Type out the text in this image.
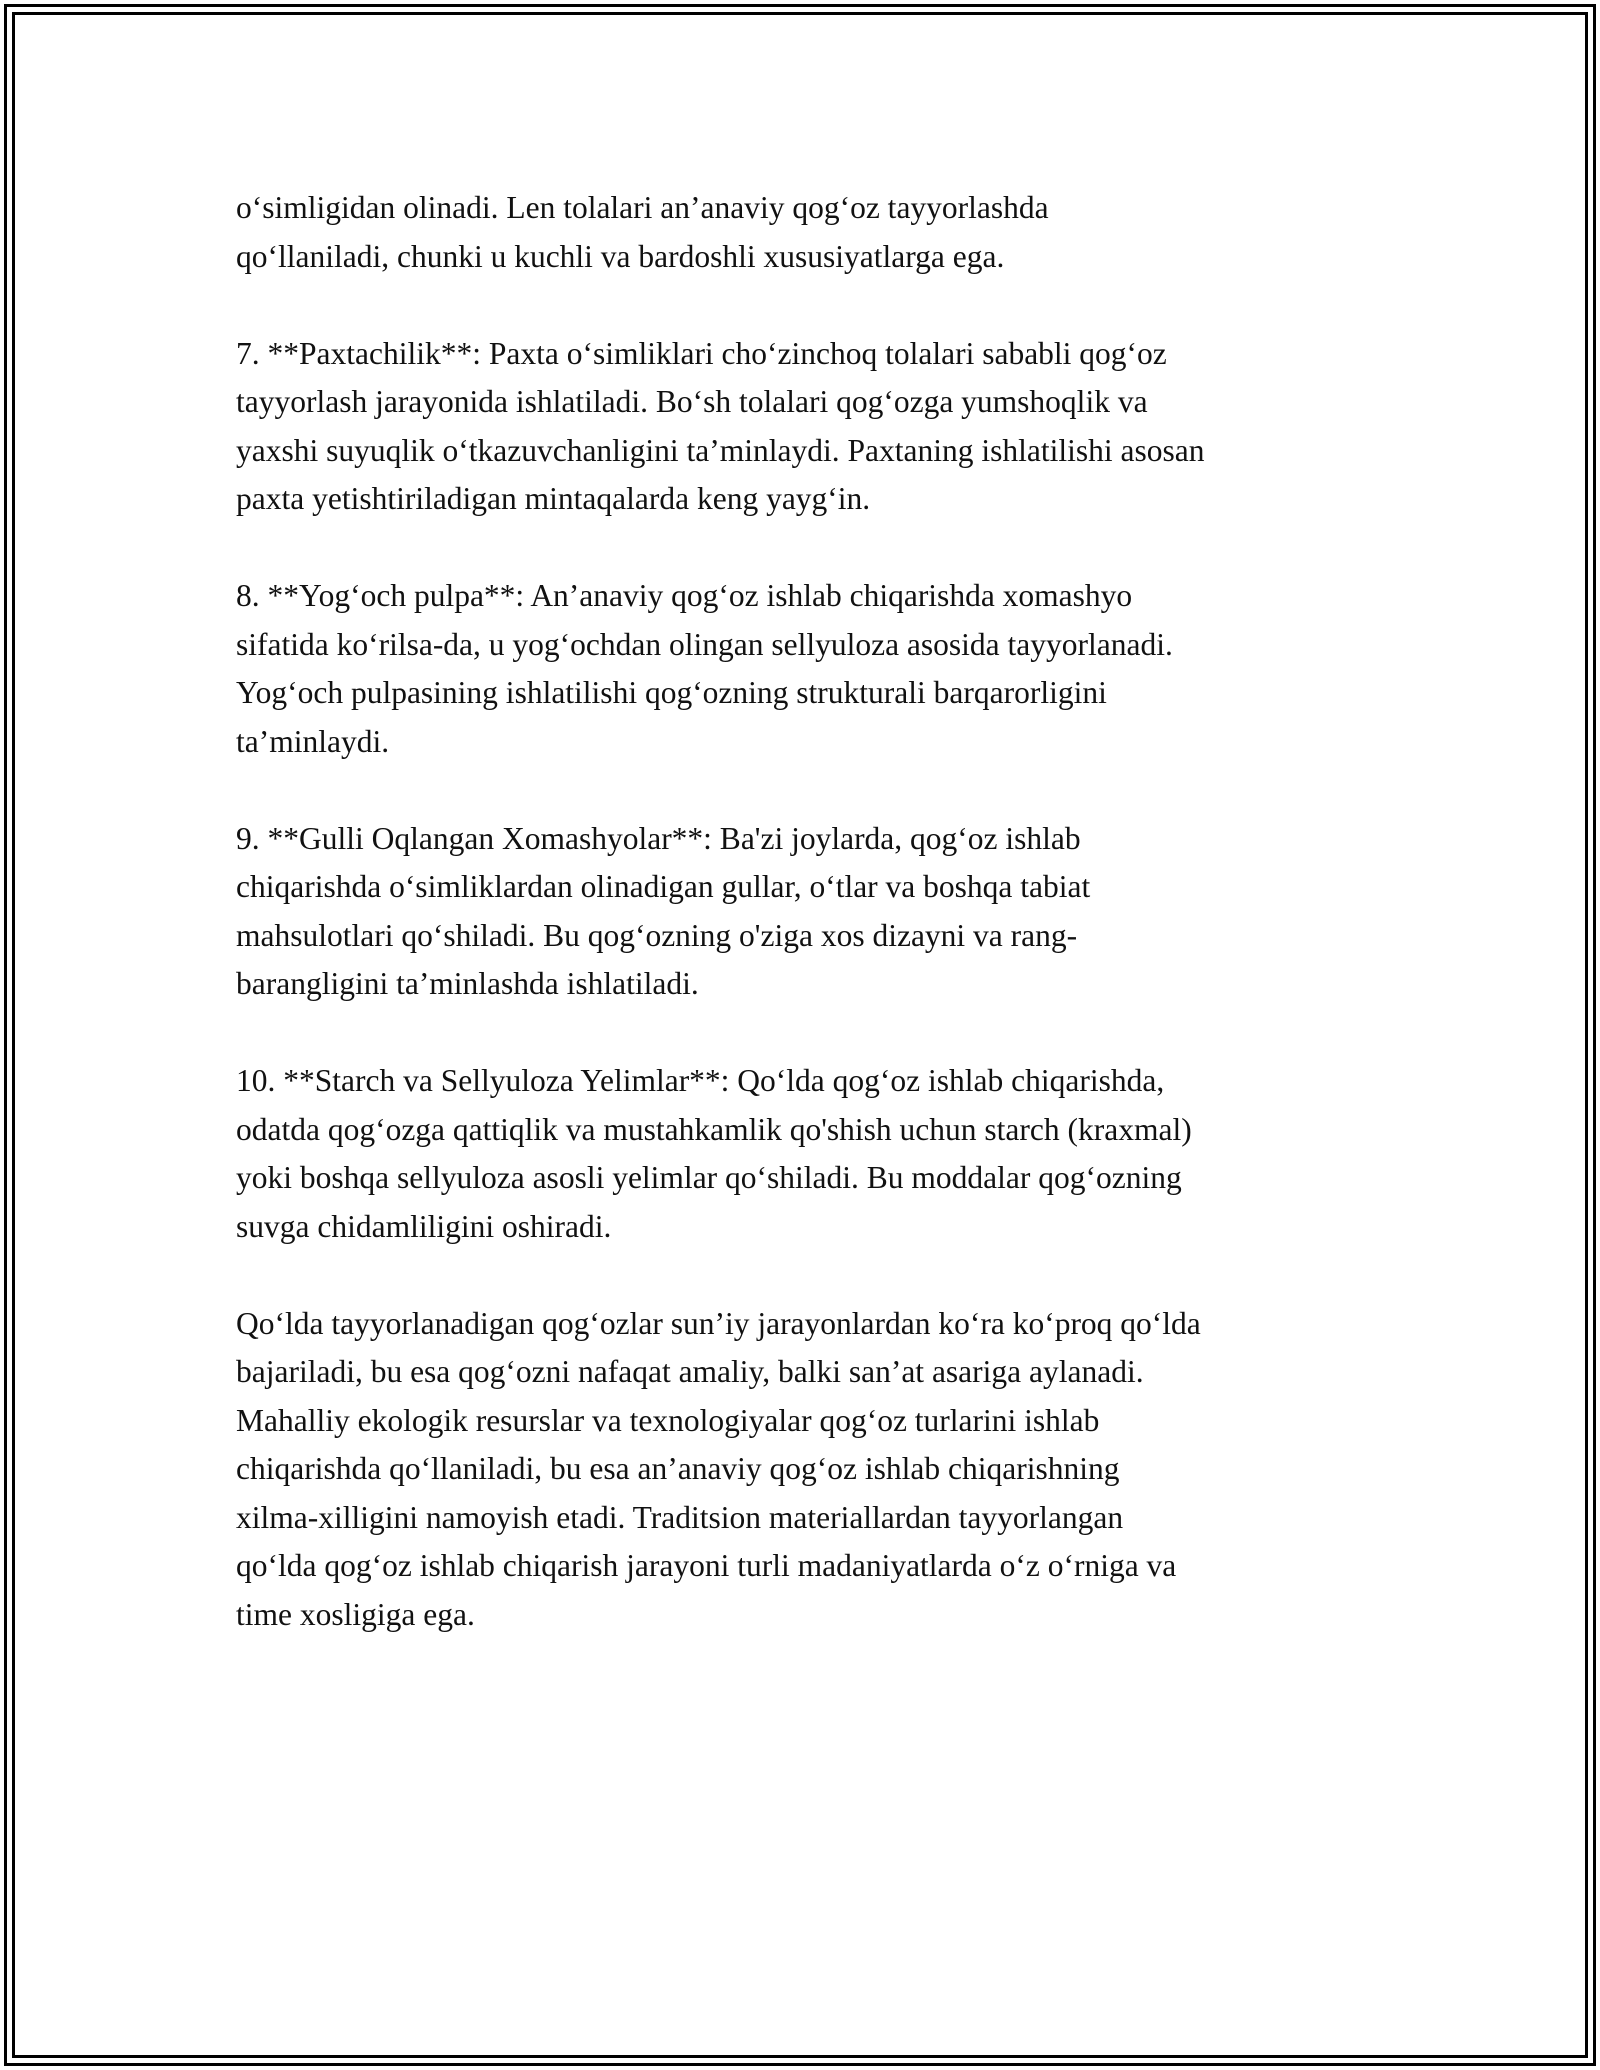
o‘simligidan olinadi. Len tolalari an’anaviy qog‘oz tayyorlashda
qo‘llaniladi, chunki u kuchli va bardoshli xususiyatlarga ega.

7. **Paxtachilik**: Paxta o‘simliklari cho‘zinchoq tolalari sababli qog‘oz
tayyorlash jarayonida ishlatiladi. Bo‘sh tolalari qog‘ozga yumshoqlik va
yaxshi suyuqlik o‘tkazuvchanligini ta’minlaydi. Paxtaning ishlatilishi asosan
paxta yetishtiriladigan mintaqalarda keng yayg‘in.

8. **Yog‘och pulpa**: An’anaviy qog‘oz ishlab chiqarishda xomashyo
sifatida ko‘rilsa-da, u yog‘ochdan olingan sellyuloza asosida tayyorlanadi.
Yog‘och pulpasining ishlatilishi qog‘ozning strukturali barqarorligini
ta’minlaydi.

9. **Gulli Oqlangan Xomashyolar**: Ba'zi joylarda, qog‘oz ishlab
chiqarishda o‘simliklardan olinadigan gullar, o‘tlar va boshqa tabiat
mahsulotlari qo‘shiladi. Bu qog‘ozning o'ziga xos dizayni va rang-
barangligini ta’minlashda ishlatiladi.

10. **Starch va Sellyuloza Yelimlar**: Qo‘lda qog‘oz ishlab chiqarishda,
odatda qog‘ozga qattiqlik va mustahkamlik qo'shish uchun starch (kraxmal)
yoki boshqa sellyuloza asosli yelimlar qo‘shiladi. Bu moddalar qog‘ozning
suvga chidamliligini oshiradi.

Qo‘lda tayyorlanadigan qog‘ozlar sun’iy jarayonlardan ko‘ra ko‘proq qo‘lda
bajariladi, bu esa qog‘ozni nafaqat amaliy, balki san’at asariga aylanadi.
Mahalliy ekologik resurslar va texnologiyalar qog‘oz turlarini ishlab
chiqarishda qo‘llaniladi, bu esa an’anaviy qog‘oz ishlab chiqarishning
xilma-xilligini namoyish etadi. Traditsion materiallardan tayyorlangan
qo‘lda qog‘oz ishlab chiqarish jarayoni turli madaniyatlarda o‘z o‘rniga va
time xosligiga ega.
